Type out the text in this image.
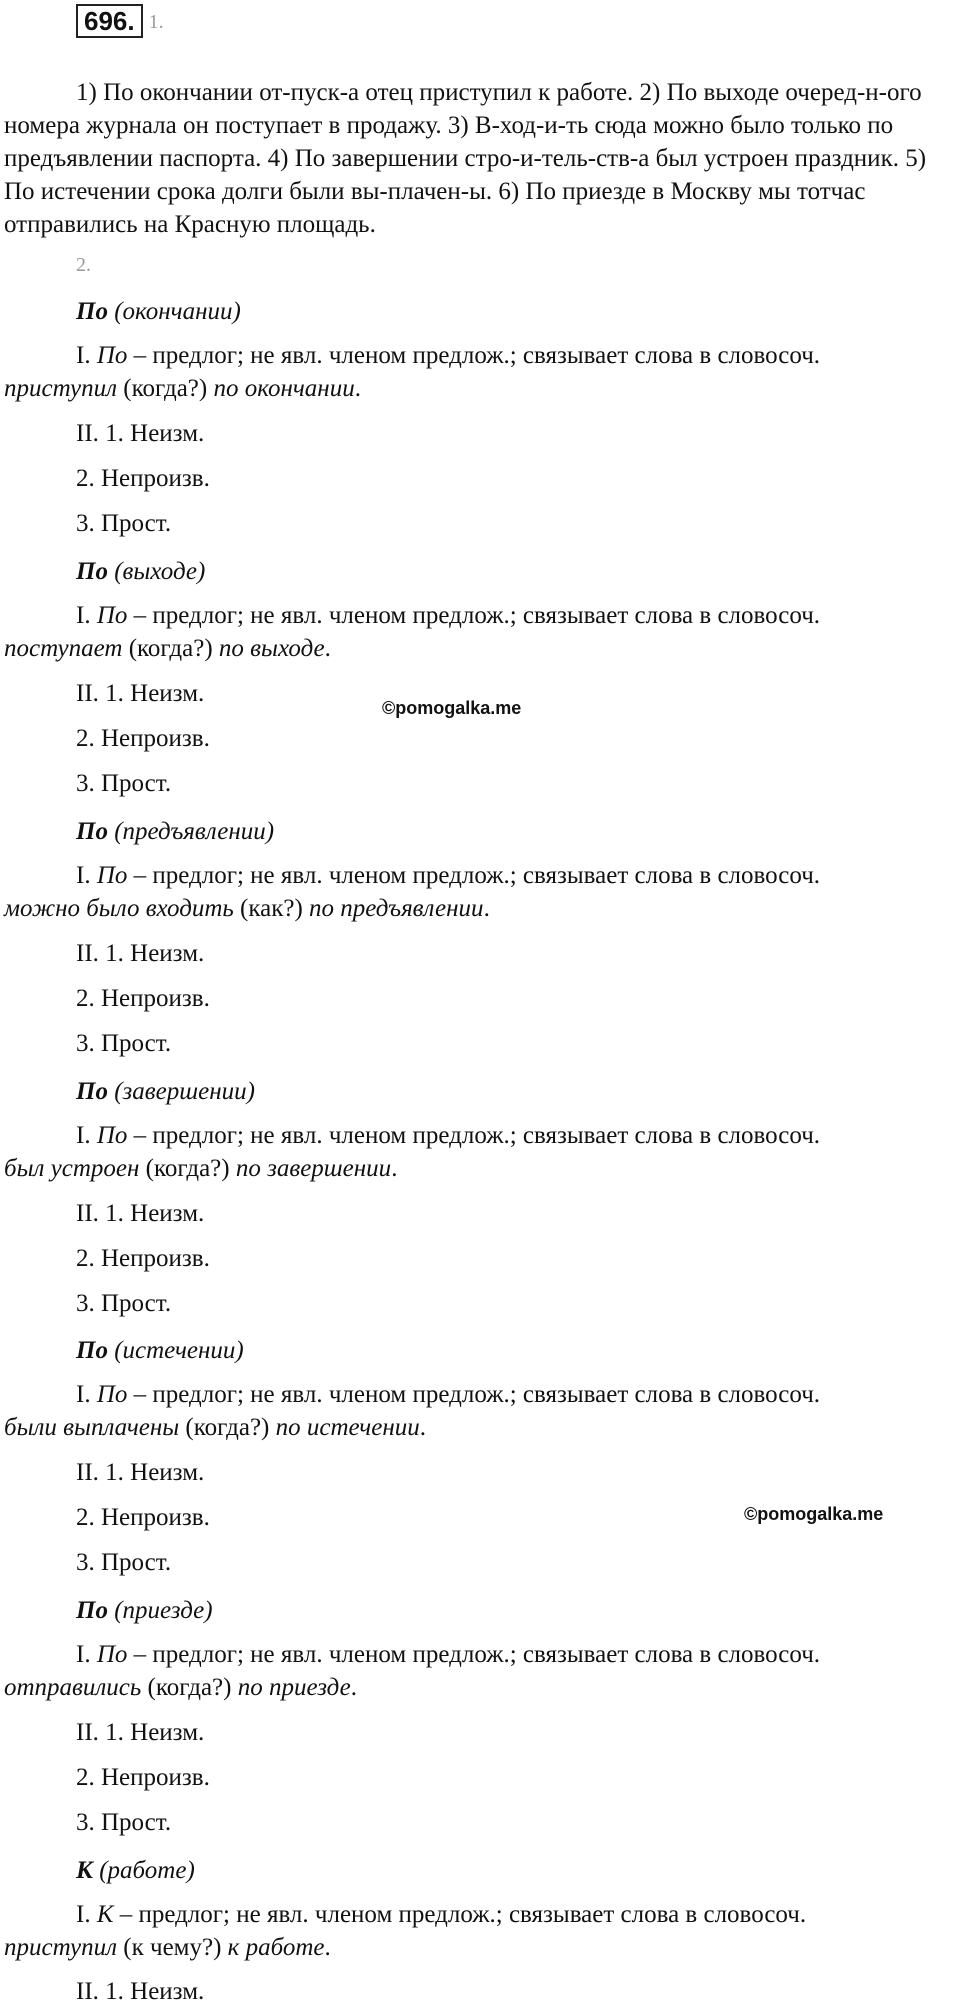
696. 1.

1) По окончании от-пуск-а отец приступил к работе. 2) По выходе очеред-н-ого номера журнала он поступает в продажу. 3) В-ход-и-ть сюда можно было только по предъявлении паспорта. 4) По завершении стро-и-тель-ств-а был устроен праздник. 5) По истечении срока долги были вы-плачен-ы. 6) По приезде в Москву мы тотчас отправились на Красную площадь.

2.
По (окончании)
I. По – предлог; не явл. членом предлож.; связывает слова в словосоч.
приступил (когда?) по окончании.
II. 1. Неизм.
2. Непроизв.
3. Прост.
По (выходе)
I. По – предлог; не явл. членом предлож.; связывает слова в словосоч.
поступает (когда?) по выходе.
II. 1. Неизм.
2. Непроизв.
3. Прост.
По (предъявлении)
I. По – предлог; не явл. членом предлож.; связывает слова в словосоч.
можно было входить (как?) по предъявлении.
II. 1. Неизм.
2. Непроизв.
3. Прост.
По (завершении)
I. По – предлог; не явл. членом предлож.; связывает слова в словосоч.
был устроен (когда?) по завершении.
II. 1. Неизм.
2. Непроизв.
3. Прост.
По (истечении)
I. По – предлог; не явл. членом предлож.; связывает слова в словосоч.
были выплачены (когда?) по истечении.
II. 1. Неизм.
2. Непроизв.
3. Прост.
По (приезде)
I. По – предлог; не явл. членом предлож.; связывает слова в словосоч.
отправились (когда?) по приезде.
II. 1. Неизм.
2. Непроизв.
3. Прост.
К (работе)
I. К – предлог; не явл. членом предлож.; связывает слова в словосоч.
приступил (к чему?) к работе.
II. 1. Неизм.
©pomogalka.me
©pomogalka.me
